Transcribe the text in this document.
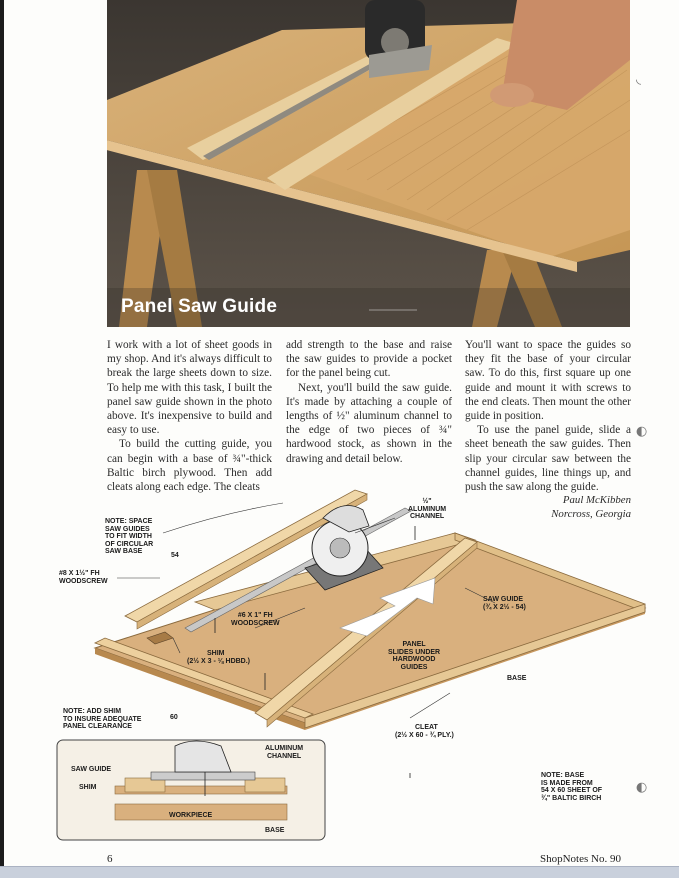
Panel Saw Guide

I work with a lot of sheet goods in my shop. And it's always difficult to break the large sheets down to size. To help me with this task, I built the panel saw guide shown in the photo above. It's inexpensive to build and easy to use.

To build the cutting guide, you can begin with a base of ¾"-thick Baltic birch plywood. Then add cleats along each edge. The cleats

add strength to the base and raise the saw guides to provide a pocket for the panel being cut.

Next, you'll build the saw guide. It's made by attaching a couple of lengths of ½" aluminum channel to the edge of two pieces of ¾" hardwood stock, as shown in the drawing and detail below.

You'll want to space the guides so they fit the base of your circular saw. To do this, first square up one guide and mount it with screws to the end cleats. Then mount the other guide in position.

To use the panel guide, slide a sheet beneath the saw guides. Then slip your circular saw between the channel guides, line things up, and push the saw along the guide.

Paul McKibben
Norcross, Georgia
NOTE: SPACE
SAW GUIDES
TO FIT WIDTH
OF CIRCULAR
SAW BASE
54
#8 X 1½" FH
WOODSCREW
#6 X 1" FH
WOODSCREW
½"
ALUMINUM
CHANNEL
SAW GUIDE
(¾ X 2½ - 54)
PANEL
SLIDES UNDER
HARDWOOD
GUIDES
BASE
SHIM
(2½ X 3 - ⅛ HDBD.)
NOTE: ADD SHIM
TO INSURE ADEQUATE
PANEL CLEARANCE
60
CLEAT
(2½ X 60 - ¾ PLY.)
ALUMINUM
CHANNEL
SAW GUIDE
SHIM
WORKPIECE
BASE
NOTE: BASE
IS MADE FROM
54 X 60 SHEET OF
¾" BALTIC BIRCH
◟
◐
◐
6	ShopNotes No. 90
